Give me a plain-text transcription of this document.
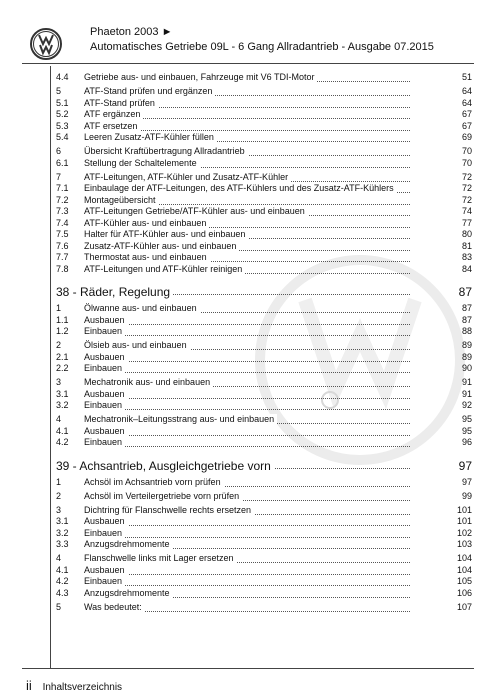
Phaeton 2003 ►
Automatisches Getriebe 09L - 6 Gang Allradantrieb - Ausgabe 07.2015
4.4	Getriebe aus- und einbauen, Fahrzeuge mit V6 TDI-Motor	51
5	ATF-Stand prüfen und ergänzen	64
5.1	ATF-Stand prüfen	64
5.2	ATF ergänzen	67
5.3	ATF ersetzen	67
5.4	Leeren Zusatz-ATF-Kühler füllen	69
6	Übersicht Kraftübertragung Allradantrieb	70
6.1	Stellung der Schaltelemente	70
7	ATF-Leitungen, ATF-Kühler und Zusatz-ATF-Kühler	72
7.1	Einbaulage der ATF-Leitungen, des ATF-Kühlers und des Zusatz-ATF-Kühlers	72
7.2	Montageübersicht	72
7.3	ATF-Leitungen Getriebe/ATF-Kühler aus- und einbauen	74
7.4	ATF-Kühler aus- und einbauen	77
7.5	Halter für ATF-Kühler aus- und einbauen	80
7.6	Zusatz-ATF-Kühler aus- und einbauen	81
7.7	Thermostat aus- und einbauen	83
7.8	ATF-Leitungen und ATF-Kühler reinigen	84
38 - Räder, Regelung	87
1	Ölwanne aus- und einbauen	87
1.1	Ausbauen	87
1.2	Einbauen	88
2	Ölsieb aus- und einbauen	89
2.1	Ausbauen	89
2.2	Einbauen	90
3	Mechatronik aus- und einbauen	91
3.1	Ausbauen	91
3.2	Einbauen	92
4	Mechatronik–Leitungsstrang aus- und einbauen	95
4.1	Ausbauen	95
4.2	Einbauen	96
39 - Achsantrieb, Ausgleichgetriebe vorn	97
1	Achsöl im Achsantrieb vorn prüfen	97
2	Achsöl im Verteilergetriebe vorn prüfen	99
3	Dichtring für Flanschwelle rechts ersetzen	101
3.1	Ausbauen	101
3.2	Einbauen	102
3.3	Anzugsdrehmomente	103
4	Flanschwelle links mit Lager ersetzen	104
4.1	Ausbauen	104
4.2	Einbauen	105
4.3	Anzugsdrehmomente	106
5	Was bedeutet:	107
ii Inhaltsverzeichnis
